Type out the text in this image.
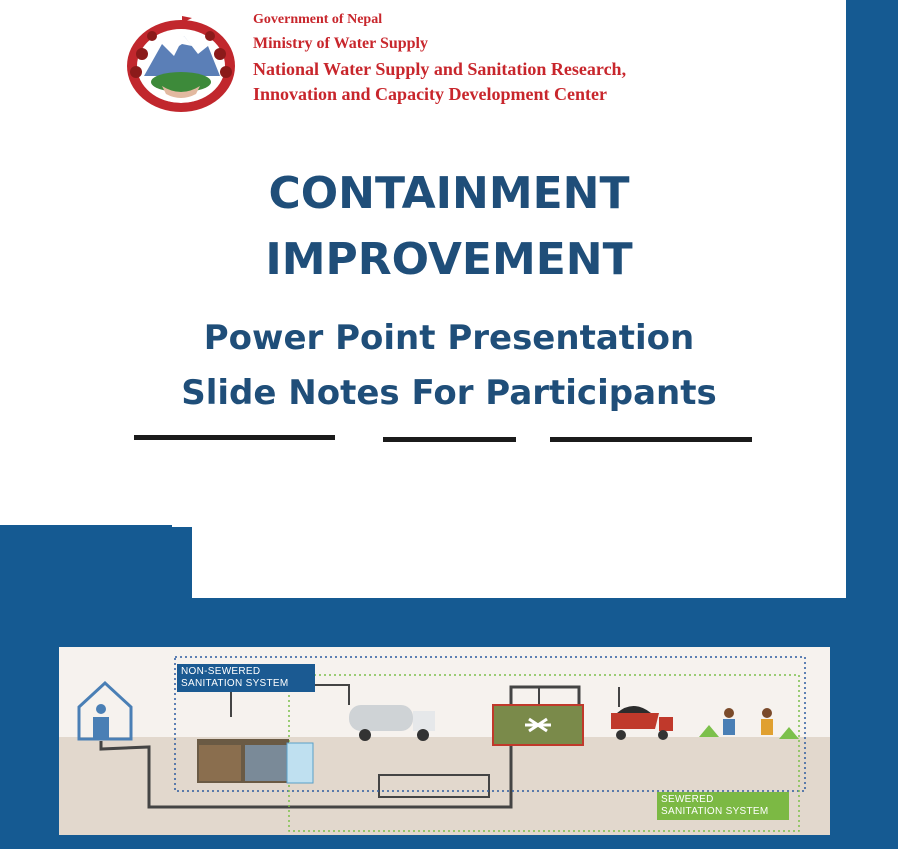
Government of Nepal
Ministry of Water Supply
National Water Supply and Sanitation Research,
Innovation and Capacity Development Center
CONTAINMENT
IMPROVEMENT
Power Point Presentation
Slide Notes For Participants
NON-SEWERED
SANITATION SYSTEM
SEWERED
SANITATION SYSTEM
